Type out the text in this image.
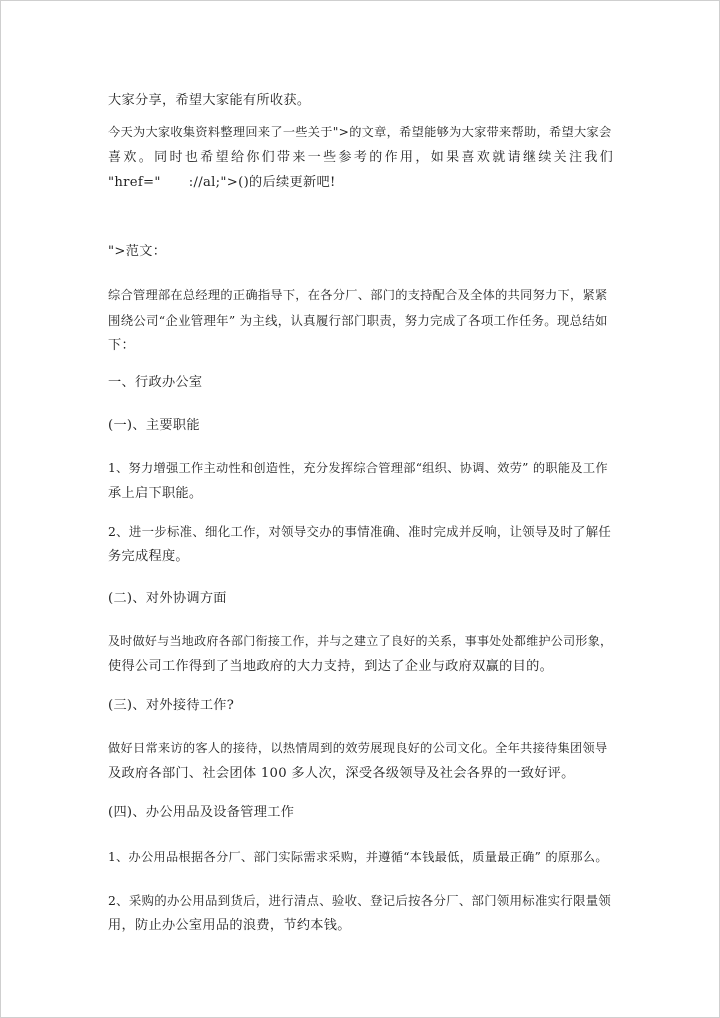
大家分享，希望大家能有所收获。

今天为大家收集资料整理回来了一些关于">的文章，希望能够为大家带来帮助，希望大家会
喜欢。同时也希望给你们带来一些参考的作用，如果喜欢就请继续关注我们
"href=" ://al;">()的后续更新吧!

">范文：

综合管理部在总经理的正确指导下，在各分厂、部门的支持配合及全体的共同努力下，紧紧
围绕公司“企业管理年” 为主线，认真履行部门职责，努力完成了各项工作任务。现总结如
下：

一、行政办公室

(一)、主要职能

1、努力增强工作主动性和创造性，充分发挥综合管理部“组织、协调、效劳” 的职能及工作
承上启下职能。

2、进一步标准、细化工作，对领导交办的事情准确、准时完成并反响，让领导及时了解任
务完成程度。

(二)、对外协调方面

及时做好与当地政府各部门衔接工作，并与之建立了良好的关系，事事处处都维护公司形象，
使得公司工作得到了当地政府的大力支持，到达了企业与政府双赢的目的。

(三)、对外接待工作?

做好日常来访的客人的接待，以热情周到的效劳展现良好的公司文化。全年共接待集团领导
及政府各部门、社会团体 100 多人次，深受各级领导及社会各界的一致好评。

(四)、办公用品及设备管理工作

1、办公用品根据各分厂、部门实际需求采购，并遵循“本钱最低，质量最正确” 的原那么。

2、采购的办公用品到货后，进行清点、验收、登记后按各分厂、部门领用标准实行限量领
用，防止办公室用品的浪费，节约本钱。
